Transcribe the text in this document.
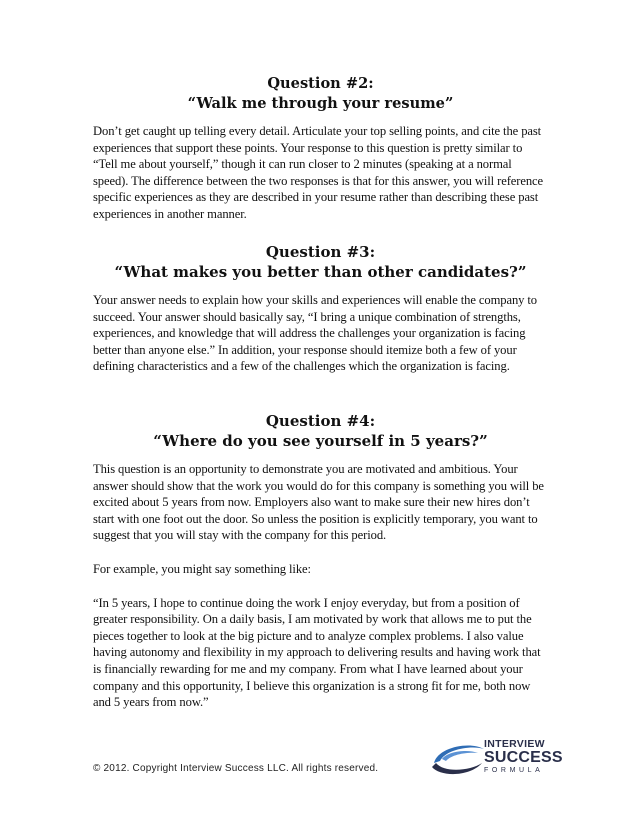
Question #2:

“Walk me through your resume”

Don’t get caught up telling every detail. Articulate your top selling points, and cite the past experiences that support these points. Your response to this question is pretty similar to “Tell me about yourself,” though it can run closer to 2 minutes (speaking at a normal speed). The difference between the two responses is that for this answer, you will reference specific experiences as they are described in your resume rather than describing these past experiences in another manner.

Question #3:

“What makes you better than other candidates?”

Your answer needs to explain how your skills and experiences will enable the company to succeed. Your answer should basically say, “I bring a unique combination of strengths, experiences, and knowledge that will address the challenges your organization is facing better than anyone else.” In addition, your response should itemize both a few of your defining characteristics and a few of the challenges which the organization is facing.

Question #4:

“Where do you see yourself in 5 years?”

This question is an opportunity to demonstrate you are motivated and ambitious. Your answer should show that the work you would do for this company is something you will be excited about 5 years from now. Employers also want to make sure their new hires don’t start with one foot out the door. So unless the position is explicitly temporary, you want to suggest that you will stay with the company for this period.

For example, you might say something like:

“In 5 years, I hope to continue doing the work I enjoy everyday, but from a position of greater responsibility. On a daily basis, I am motivated by work that allows me to put the pieces together to look at the big picture and to analyze complex problems. I also value having autonomy and flexibility in my approach to delivering results and having work that is financially rewarding for me and my company. From what I have learned about your company and this opportunity, I believe this organization is a strong fit for me, both now and 5 years from now.”

© 2012. Copyright Interview Success LLC. All rights reserved.
INTERVIEW
SUCCESS
FORMULA
